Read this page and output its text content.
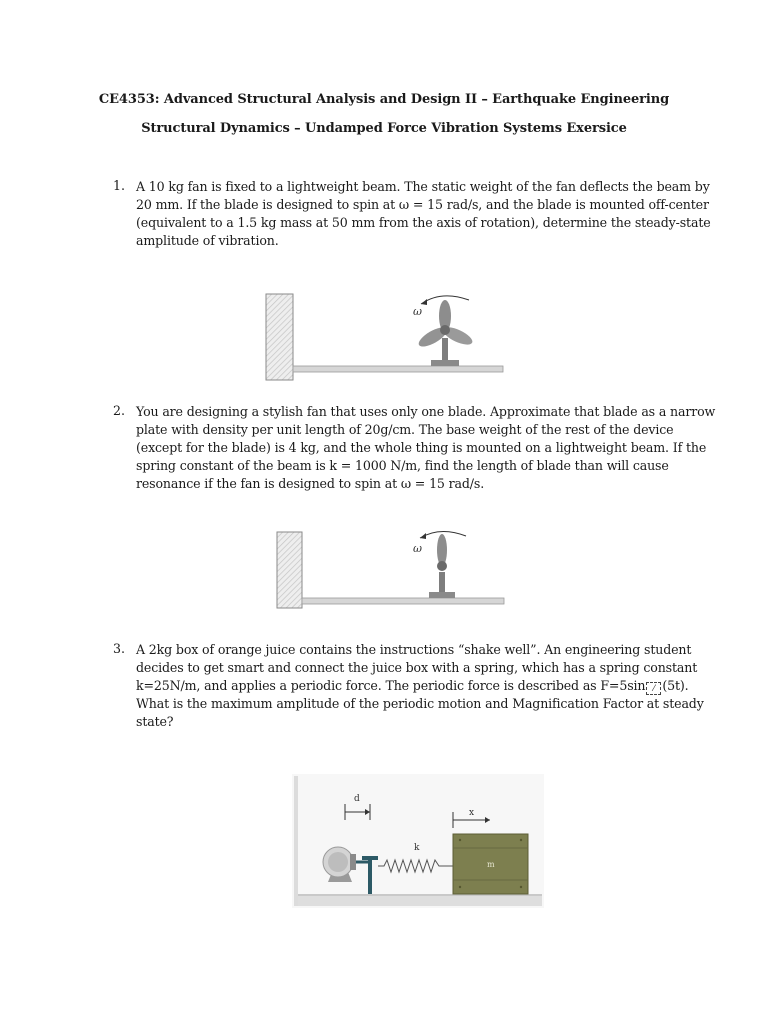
CE4353: Advanced Structural Analysis and Design II – Earthquake Engineering
Structural Dynamics – Undamped Force Vibration Systems Exersice
1. A 10 kg fan is fixed to a lightweight beam. The static weight of the fan deflects the beam by
20 mm. If the blade is designed to spin at ω = 15 rad/s, and the blade is mounted off-center
(equivalent to a 1.5 kg mass at 50 mm from the axis of rotation), determine the steady-state
amplitude of vibration.
ω
2. You are designing a stylish fan that uses only one blade. Approximate that blade as a narrow
plate with density per unit length of 20g/cm. The base weight of the rest of the device
(except for the blade) is 4 kg, and the whole thing is mounted on a lightweight beam. If the
spring constant of the beam is k = 1000 N/m, find the length of blade than will cause
resonance if the fan is designed to spin at ω = 15 rad/s.
ω
3. A 2kg box of orange juice contains the instructions “shake well”. An engineering student
decides to get smart and connect the juice box with a spring, which has a spring constant
k=25N/m, and applies a periodic force. The periodic force is described as F=5sin ⁄ (5t).
What is the maximum amplitude of the periodic motion and Magnification Factor at steady
state?
d
x
k
m
